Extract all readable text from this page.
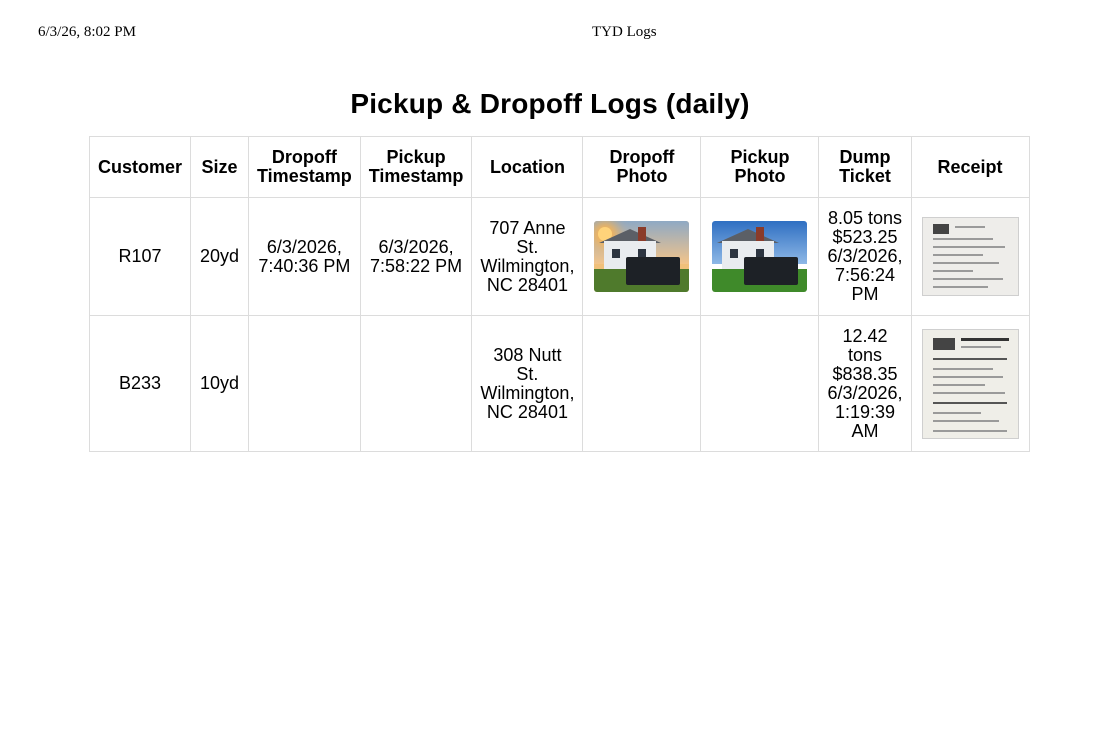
6/3/26, 8:02 PM	TYD Logs
Pickup & Dropoff Logs (daily)
Customer	Size	Dropoff Timestamp	Pickup Timestamp	Location	Dropoff Photo	Pickup Photo	Dump Ticket	Receipt
R107	20yd	6/3/2026, 7:40:36 PM	6/3/2026, 7:58:22 PM	707 Anne St. Wilmington, NC 28401			8.05 tons $523.25 6/3/2026, 7:56:24 PM	

B233	10yd			308 Nutt St. Wilmington, NC 28401			12.42 tons $838.35 6/3/2026, 1:19:39 AM	
